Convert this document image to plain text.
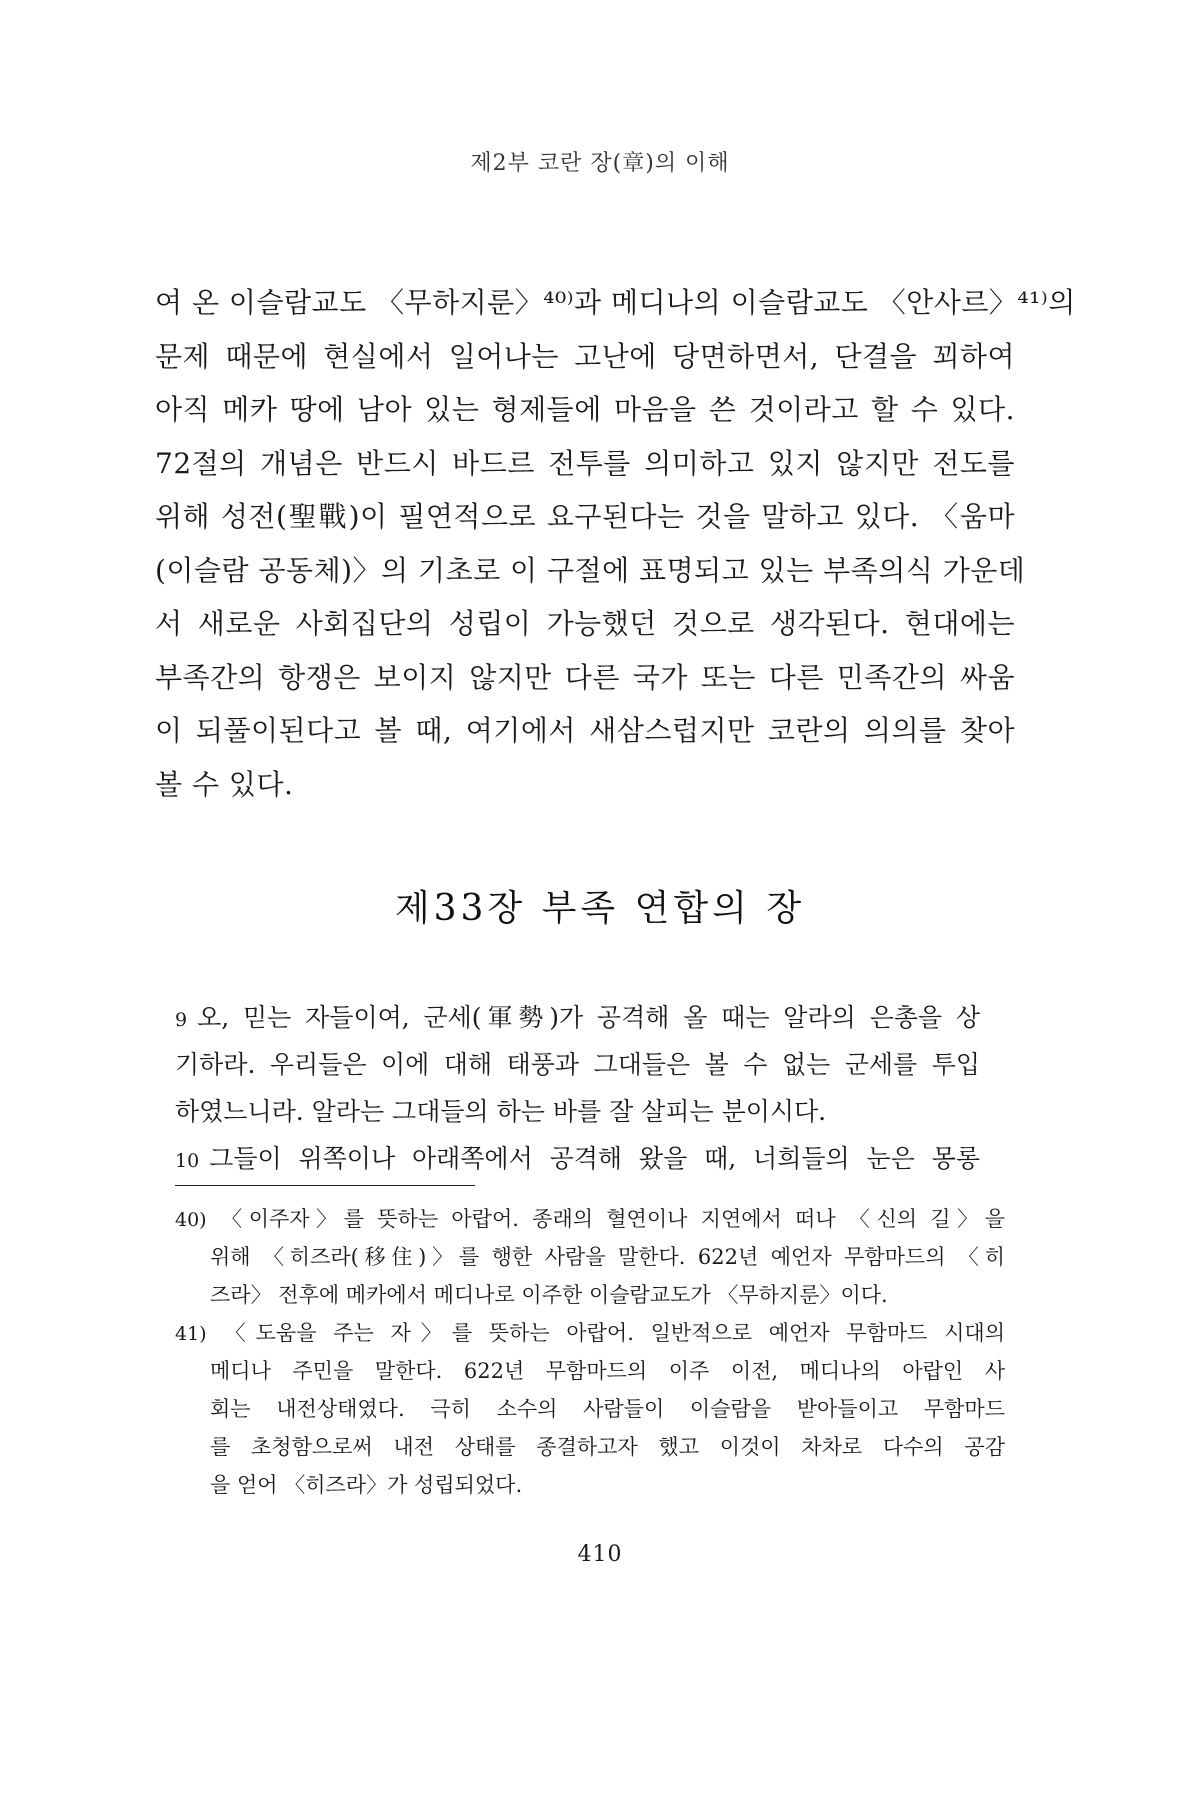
제2부 코란 장(章)의 이해
여 온 이슬람교도 〈무하지룬〉⁴⁰⁾과 메디나의 이슬람교도 〈안사르〉⁴¹⁾의
문제 때문에 현실에서 일어나는 고난에 당면하면서, 단결을 꾀하여
아직 메카 땅에 남아 있는 형제들에 마음을 쓴 것이라고 할 수 있다.
72절의 개념은 반드시 바드르 전투를 의미하고 있지 않지만 전도를
위해 성전(聖戰)이 필연적으로 요구된다는 것을 말하고 있다. 〈움마
(이슬람 공동체)〉의 기초로 이 구절에 표명되고 있는 부족의식 가운데
서 새로운 사회집단의 성립이 가능했던 것으로 생각된다. 현대에는
부족간의 항쟁은 보이지 않지만 다른 국가 또는 다른 민족간의 싸움
이 되풀이된다고 볼 때, 여기에서 새삼스럽지만 코란의 의의를 찾아
볼 수 있다.
제33장 부족 연합의 장
9 오, 믿는 자들이여, 군세(軍勢)가 공격해 올 때는 알라의 은총을 상
기하라. 우리들은 이에 대해 태풍과 그대들은 볼 수 없는 군세를 투입
하였느니라. 알라는 그대들의 하는 바를 잘 살피는 분이시다.
10 그들이 위쪽이나 아래쪽에서 공격해 왔을 때, 너희들의 눈은 몽롱
40) 〈이주자〉를 뜻하는 아랍어. 종래의 혈연이나 지연에서 떠나 〈신의 길〉을
위해 〈히즈라(移住)〉를 행한 사람을 말한다. 622년 예언자 무함마드의 〈히
즈라〉 전후에 메카에서 메디나로 이주한 이슬람교도가 〈무하지룬〉이다.
41) 〈도움을 주는 자〉를 뜻하는 아랍어. 일반적으로 예언자 무함마드 시대의
메디나 주민을 말한다. 622년 무함마드의 이주 이전, 메디나의 아랍인 사
회는 내전상태였다. 극히 소수의 사람들이 이슬람을 받아들이고 무함마드
를 초청함으로써 내전 상태를 종결하고자 했고 이것이 차차로 다수의 공감
을 얻어 〈히즈라〉가 성립되었다.
410
